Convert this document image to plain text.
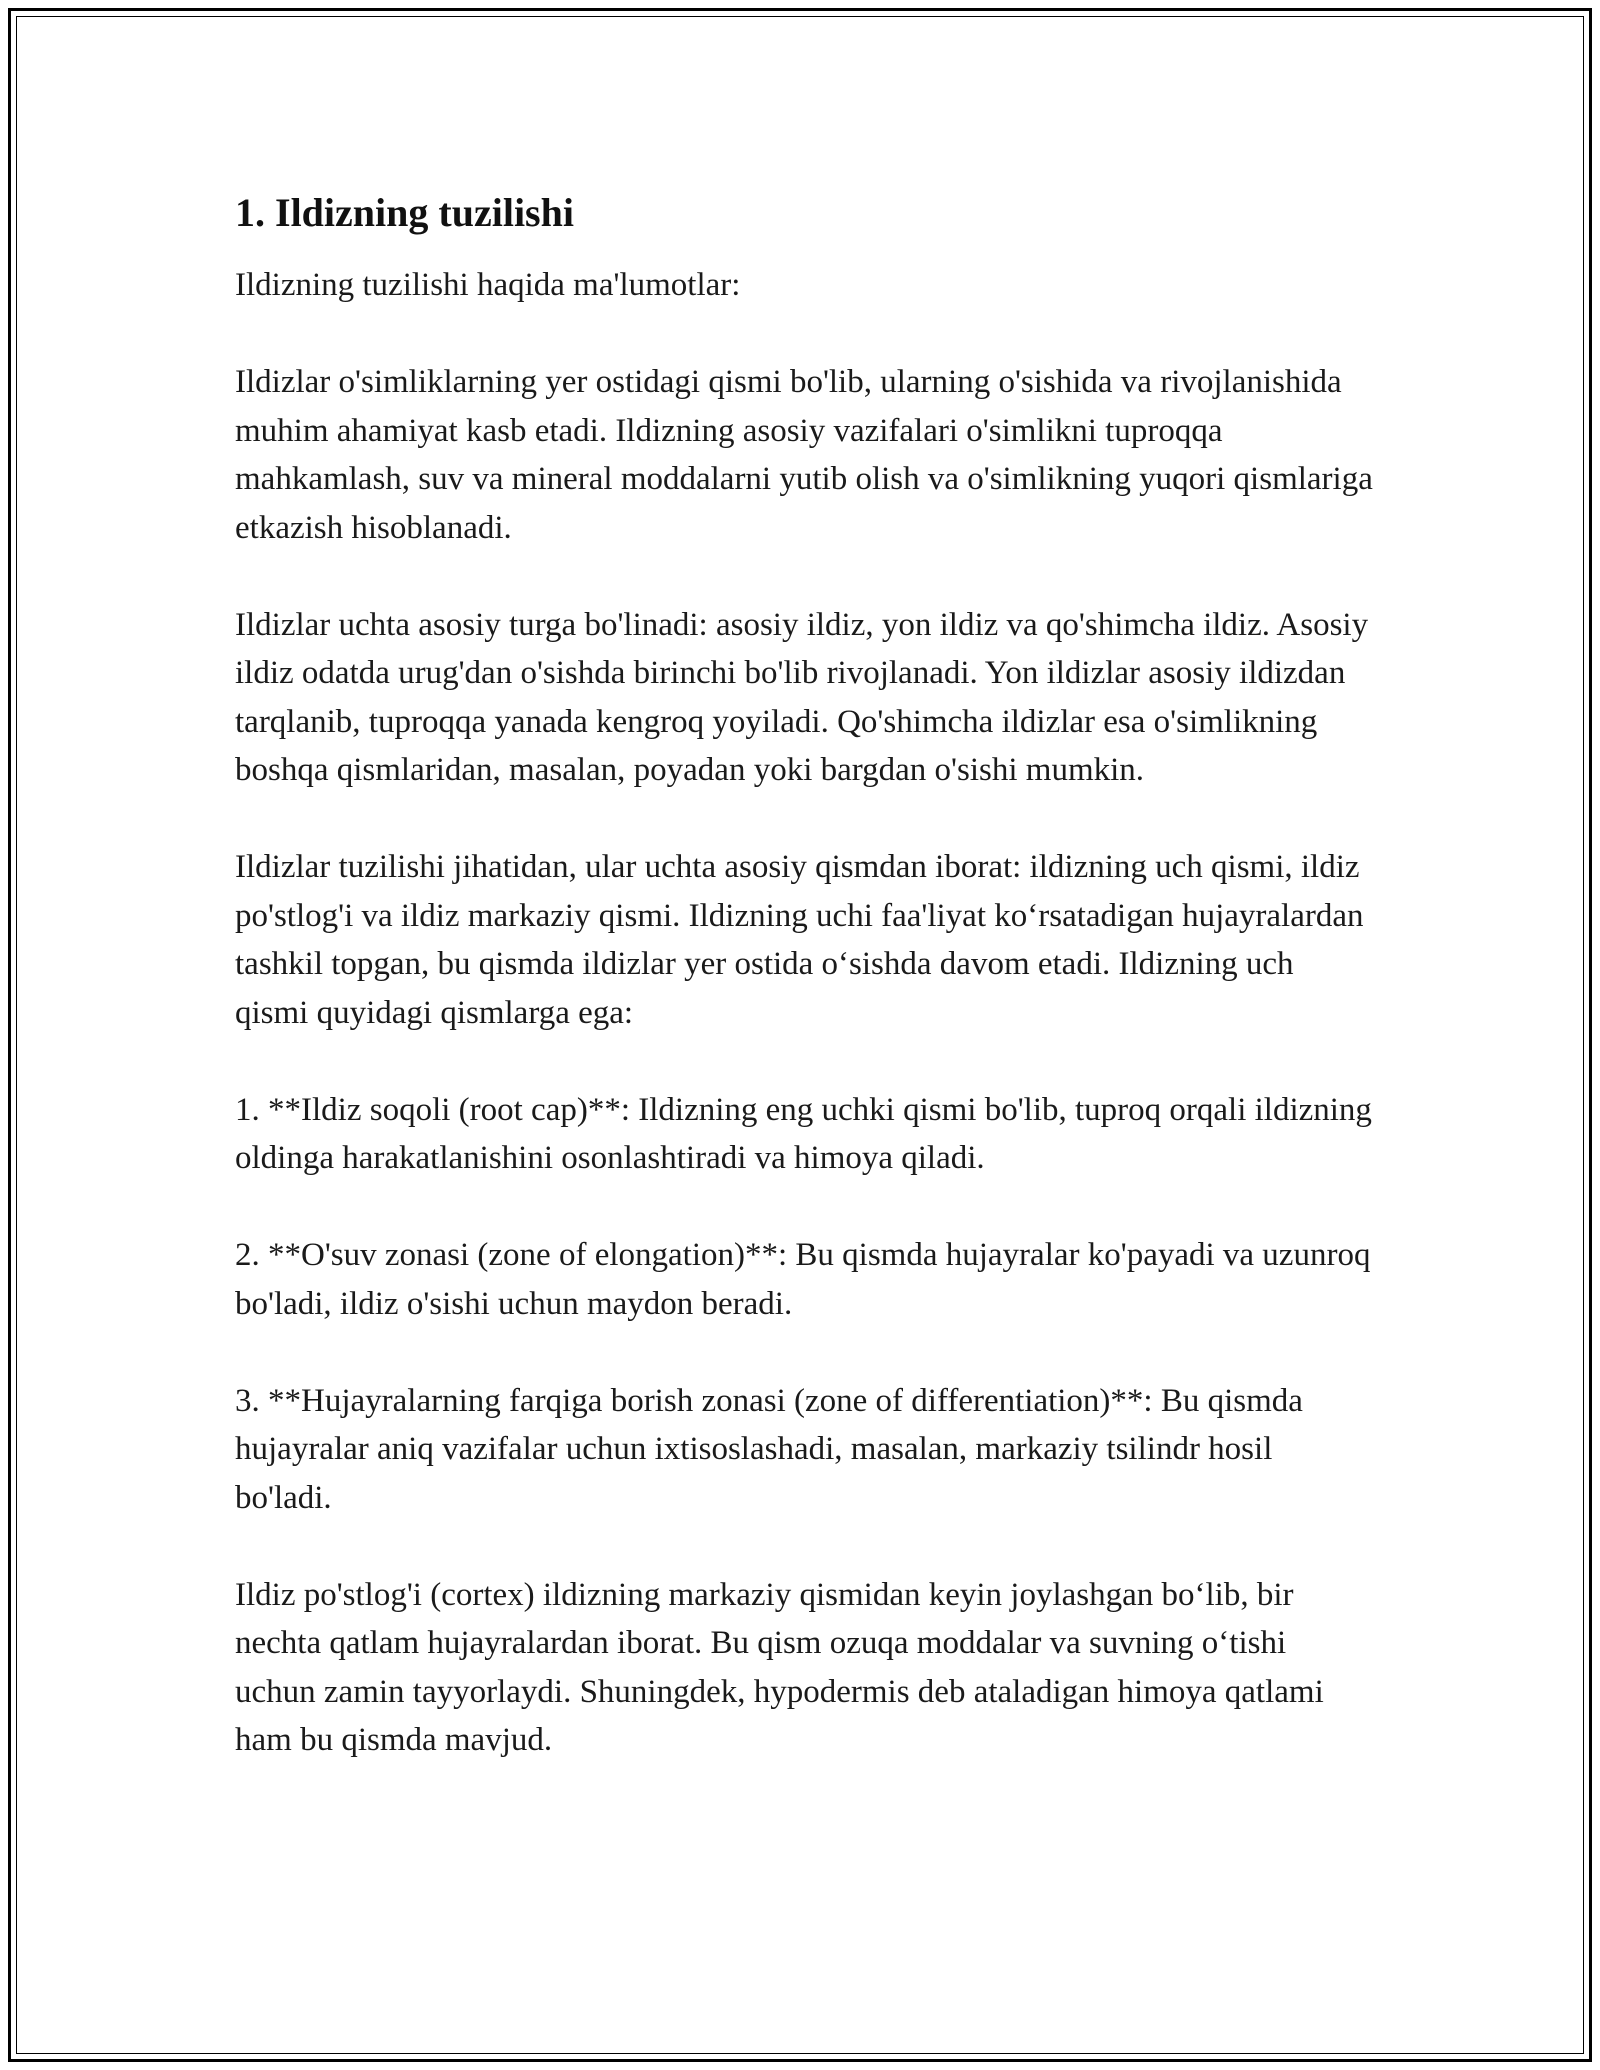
1. Ildizning tuzilishi

Ildizning tuzilishi haqida ma'lumotlar:

Ildizlar o'simliklarning yer ostidagi qismi bo'lib, ularning o'sishida va rivojlanishida muhim ahamiyat kasb etadi. Ildizning asosiy vazifalari o'simlikni tuproqqa mahkamlash, suv va mineral moddalarni yutib olish va o'simlikning yuqori qismlariga etkazish hisoblanadi.

Ildizlar uchta asosiy turga bo'linadi: asosiy ildiz, yon ildiz va qo'shimcha ildiz. Asosiy ildiz odatda urug'dan o'sishda birinchi bo'lib rivojlanadi. Yon ildizlar asosiy ildizdan tarqlanib, tuproqqa yanada kengroq yoyiladi. Qo'shimcha ildizlar esa o'simlikning boshqa qismlaridan, masalan, poyadan yoki bargdan o'sishi mumkin.

Ildizlar tuzilishi jihatidan, ular uchta asosiy qismdan iborat: ildizning uch qismi, ildiz po'stlog'i va ildiz markaziy qismi. Ildizning uchi faa'liyat ko‘rsatadigan hujayralardan tashkil topgan, bu qismda ildizlar yer ostida o‘sishda davom etadi. Ildizning uch qismi quyidagi qismlarga ega:

1. **Ildiz soqoli (root cap)**: Ildizning eng uchki qismi bo'lib, tuproq orqali ildizning oldinga harakatlanishini osonlashtiradi va himoya qiladi.

2. **O'suv zonasi (zone of elongation)**: Bu qismda hujayralar ko'payadi va uzunroq bo'ladi, ildiz o'sishi uchun maydon beradi.

3. **Hujayralarning farqiga borish zonasi (zone of differentiation)**: Bu qismda hujayralar aniq vazifalar uchun ixtisoslashadi, masalan, markaziy tsilindr hosil bo'ladi.

Ildiz po'stlog'i (cortex) ildizning markaziy qismidan keyin joylashgan bo‘lib, bir nechta qatlam hujayralardan iborat. Bu qism ozuqa moddalar va suvning o‘tishi uchun zamin tayyorlaydi. Shuningdek, hypodermis deb ataladigan himoya qatlami ham bu qismda mavjud.
